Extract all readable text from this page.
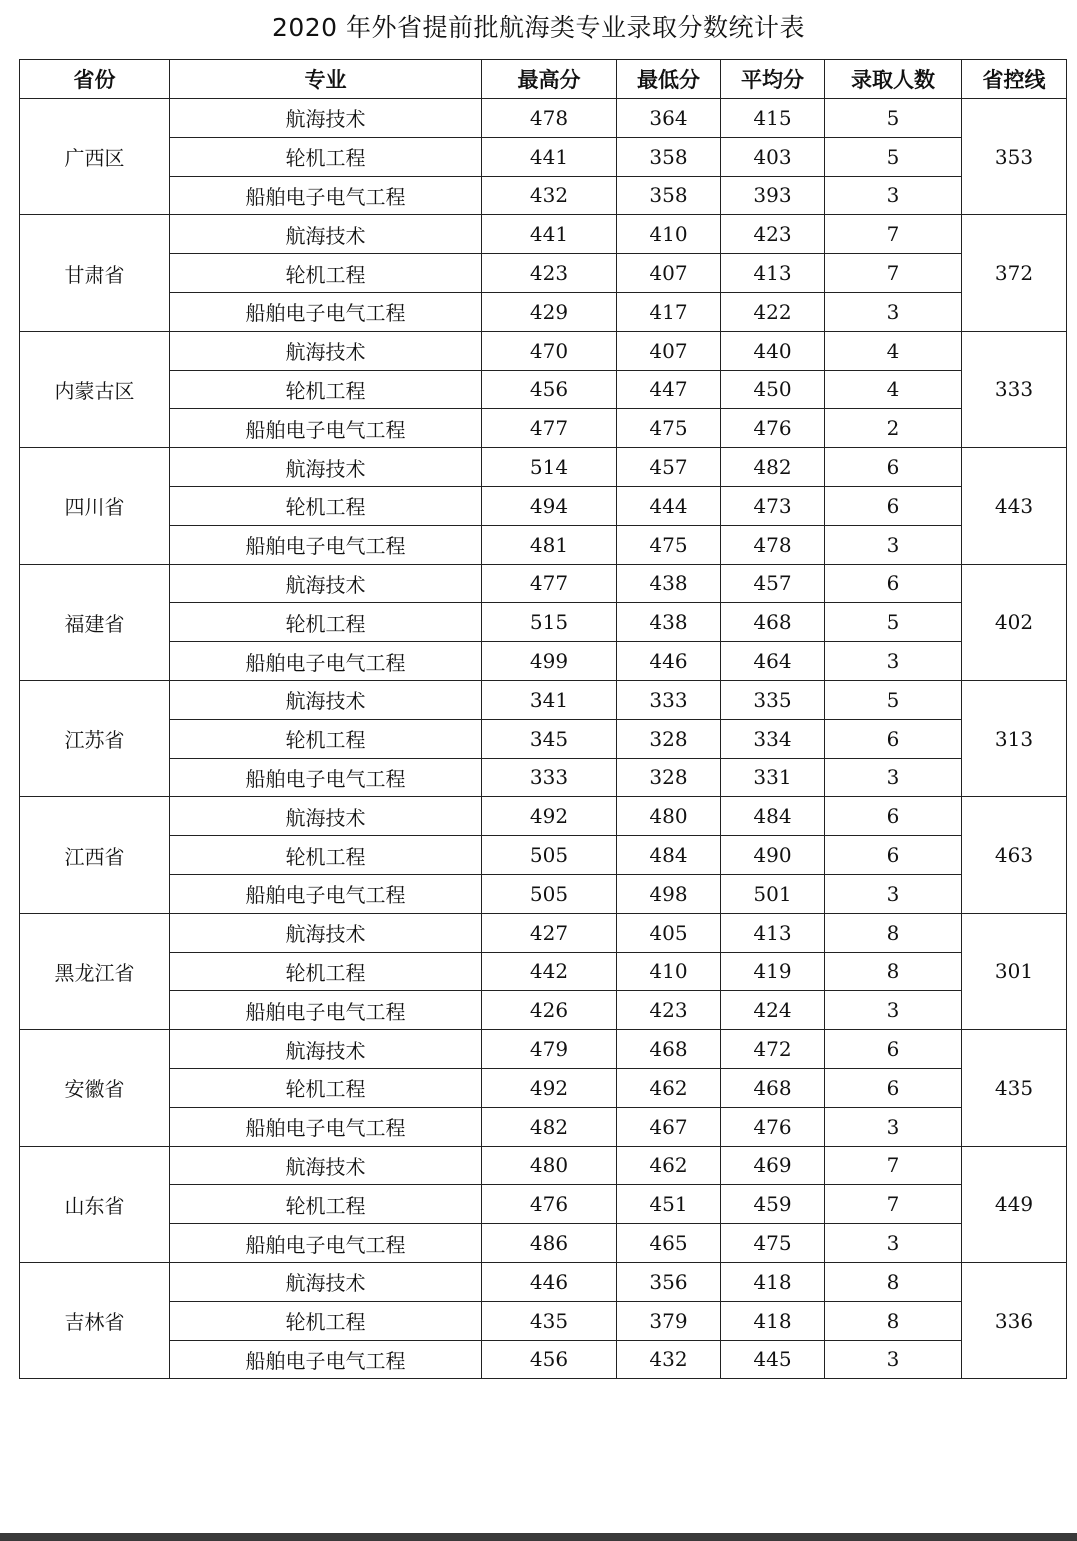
2020 年外省提前批航海类专业录取分数统计表
省份	专业	最高分	最低分	平均分	录取人数	省控线
广西区	航海技术	478	364	415	5	353
	轮机工程	441	358	403	5	
	船舶电子电气工程	432	358	393	3	
甘肃省	航海技术	441	410	423	7	372
	轮机工程	423	407	413	7	
	船舶电子电气工程	429	417	422	3	
内蒙古区	航海技术	470	407	440	4	333
	轮机工程	456	447	450	4	
	船舶电子电气工程	477	475	476	2	
四川省	航海技术	514	457	482	6	443
	轮机工程	494	444	473	6	
	船舶电子电气工程	481	475	478	3	
福建省	航海技术	477	438	457	6	402
	轮机工程	515	438	468	5	
	船舶电子电气工程	499	446	464	3	
江苏省	航海技术	341	333	335	5	313
	轮机工程	345	328	334	6	
	船舶电子电气工程	333	328	331	3	
江西省	航海技术	492	480	484	6	463
	轮机工程	505	484	490	6	
	船舶电子电气工程	505	498	501	3	
黑龙江省	航海技术	427	405	413	8	301
	轮机工程	442	410	419	8	
	船舶电子电气工程	426	423	424	3	
安徽省	航海技术	479	468	472	6	435
	轮机工程	492	462	468	6	
	船舶电子电气工程	482	467	476	3	
山东省	航海技术	480	462	469	7	449
	轮机工程	476	451	459	7	
	船舶电子电气工程	486	465	475	3	
吉林省	航海技术	446	356	418	8	336
	轮机工程	435	379	418	8	
	船舶电子电气工程	456	432	445	3	
